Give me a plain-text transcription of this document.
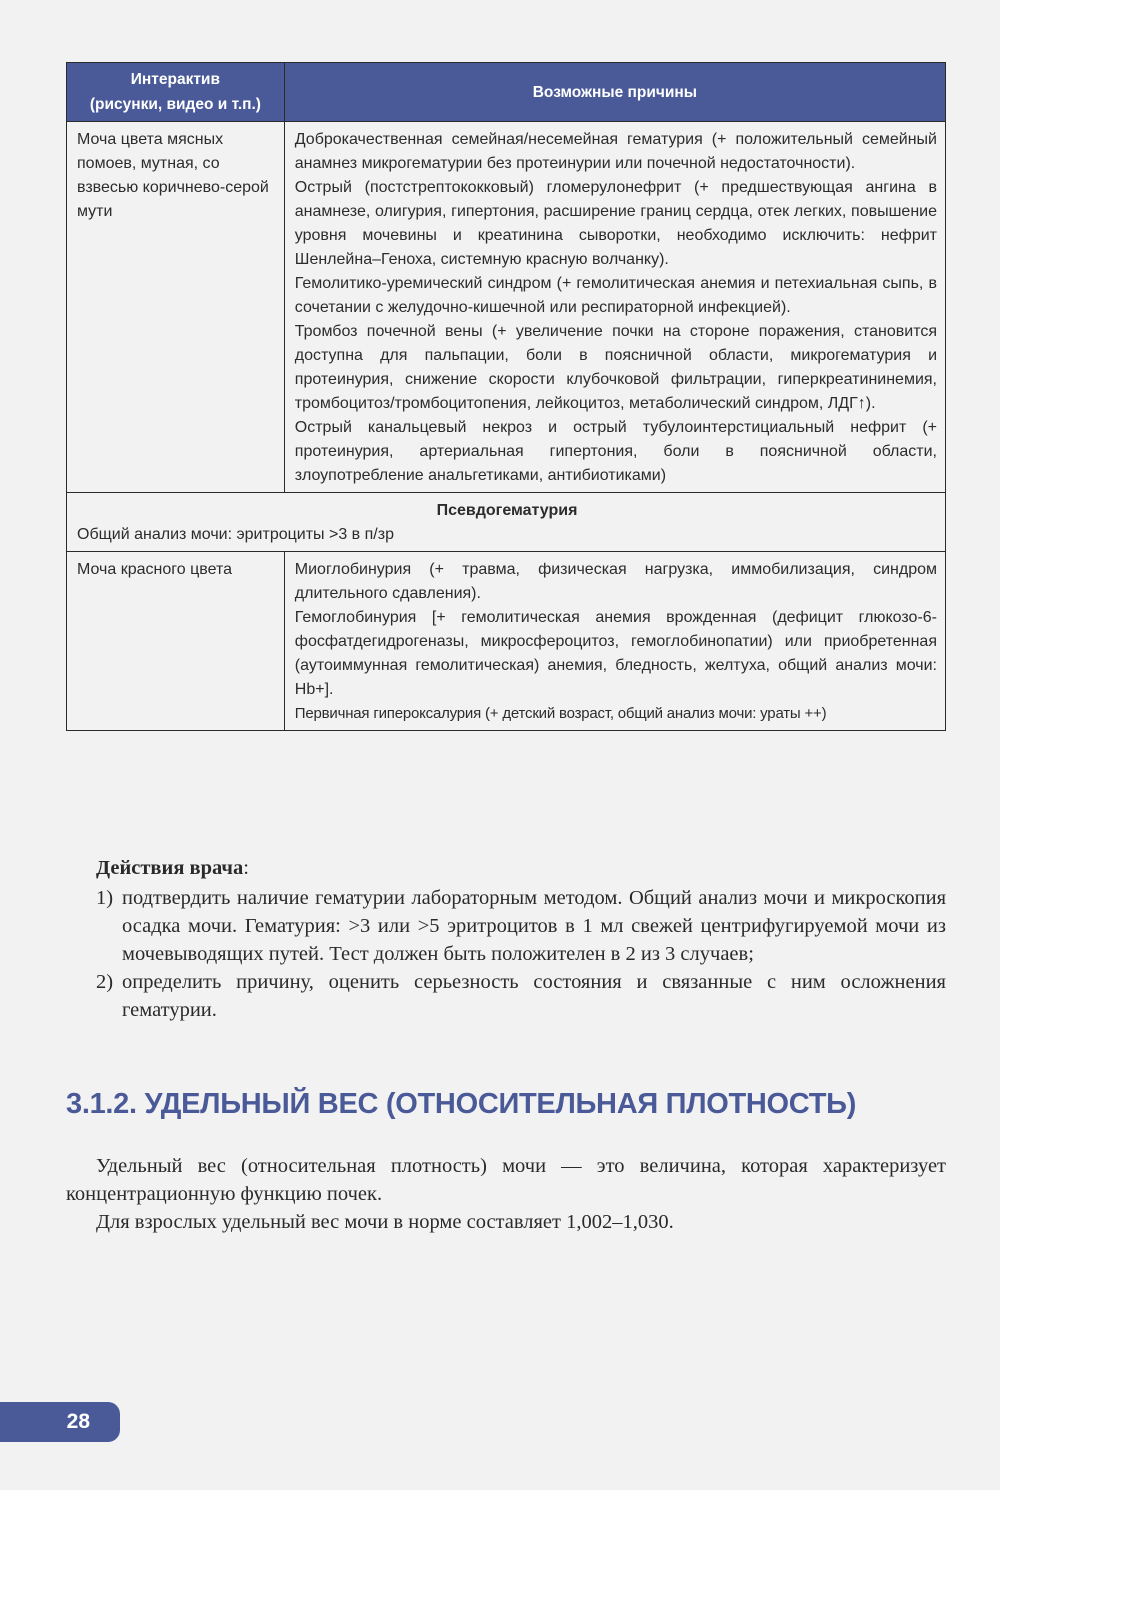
Интерактив
(рисунки, видео и т.п.)	Возможные причины
Моча цвета мясных помоев, мутная, со взвесью коричнево-серой мути	Доброкачественная семейная/несемейная гематурия (+ положительный семейный анамнез микрогематурии без протеинурии или почечной недостаточности).
Острый (постстрептококковый) гломерулонефрит (+ предшествующая ангина в анамнезе, олигурия, гипертония, расширение границ сердца, отек легких, повышение уровня мочевины и креатинина сыворотки, необходимо исключить: нефрит Шенлейна–Геноха, системную красную волчанку).
Гемолитико-уремический синдром (+ гемолитическая анемия и петехиальная сыпь, в сочетании с желудочно-кишечной или респираторной инфекцией).
Тромбоз почечной вены (+ увеличение почки на стороне поражения, становится доступна для пальпации, боли в поясничной области, микрогематурия и протеинурия, снижение скорости клубочковой фильтрации, гиперкреатининемия, тромбоцитоз/тромбоцитопения, лейкоцитоз, метаболический синдром, ЛДГ↑).
Острый канальцевый некроз и острый тубулоинтерстициальный нефрит (+ протеинурия, артериальная гипертония, боли в поясничной области, злоупотребление анальгетиками, антибиотиками)

Псевдогематурия
Общий анализ мочи: эритроциты >3 в п/зр	

Моча красного цвета	Миоглобинурия (+ травма, физическая нагрузка, иммобилизация, синдром длительного сдавления).
Гемоглобинурия [+ гемолитическая анемия врожденная (дефицит глюкозо-6-фосфатдегидрогеназы, микросфероцитоз, гемоглобинопатии) или приобретенная (аутоиммунная гемолитическая) анемия, бледность, желтуха, общий анализ мочи: Hb+].
Первичная гипероксалурия (+ детский возраст, общий анализ мочи: ураты ++)
Действия врача:
1) подтвердить наличие гематурии лабораторным методом. Общий анализ мочи и микроскопия осадка мочи. Гематурия: >3 или >5 эритроцитов в 1 мл свежей центрифугируемой мочи из мочевыводящих путей. Тест должен быть положителен в 2 из 3 случаев;
2) определить причину, оценить серьезность состояния и связанные с ним осложнения гематурии.
3.1.2. УДЕЛЬНЫЙ ВЕС (ОТНОСИТЕЛЬНАЯ ПЛОТНОСТЬ)

Удельный вес (относительная плотность) мочи — это величина, которая характеризует концентрационную функцию почек.

Для взрослых удельный вес мочи в норме составляет 1,002–1,030.

28
